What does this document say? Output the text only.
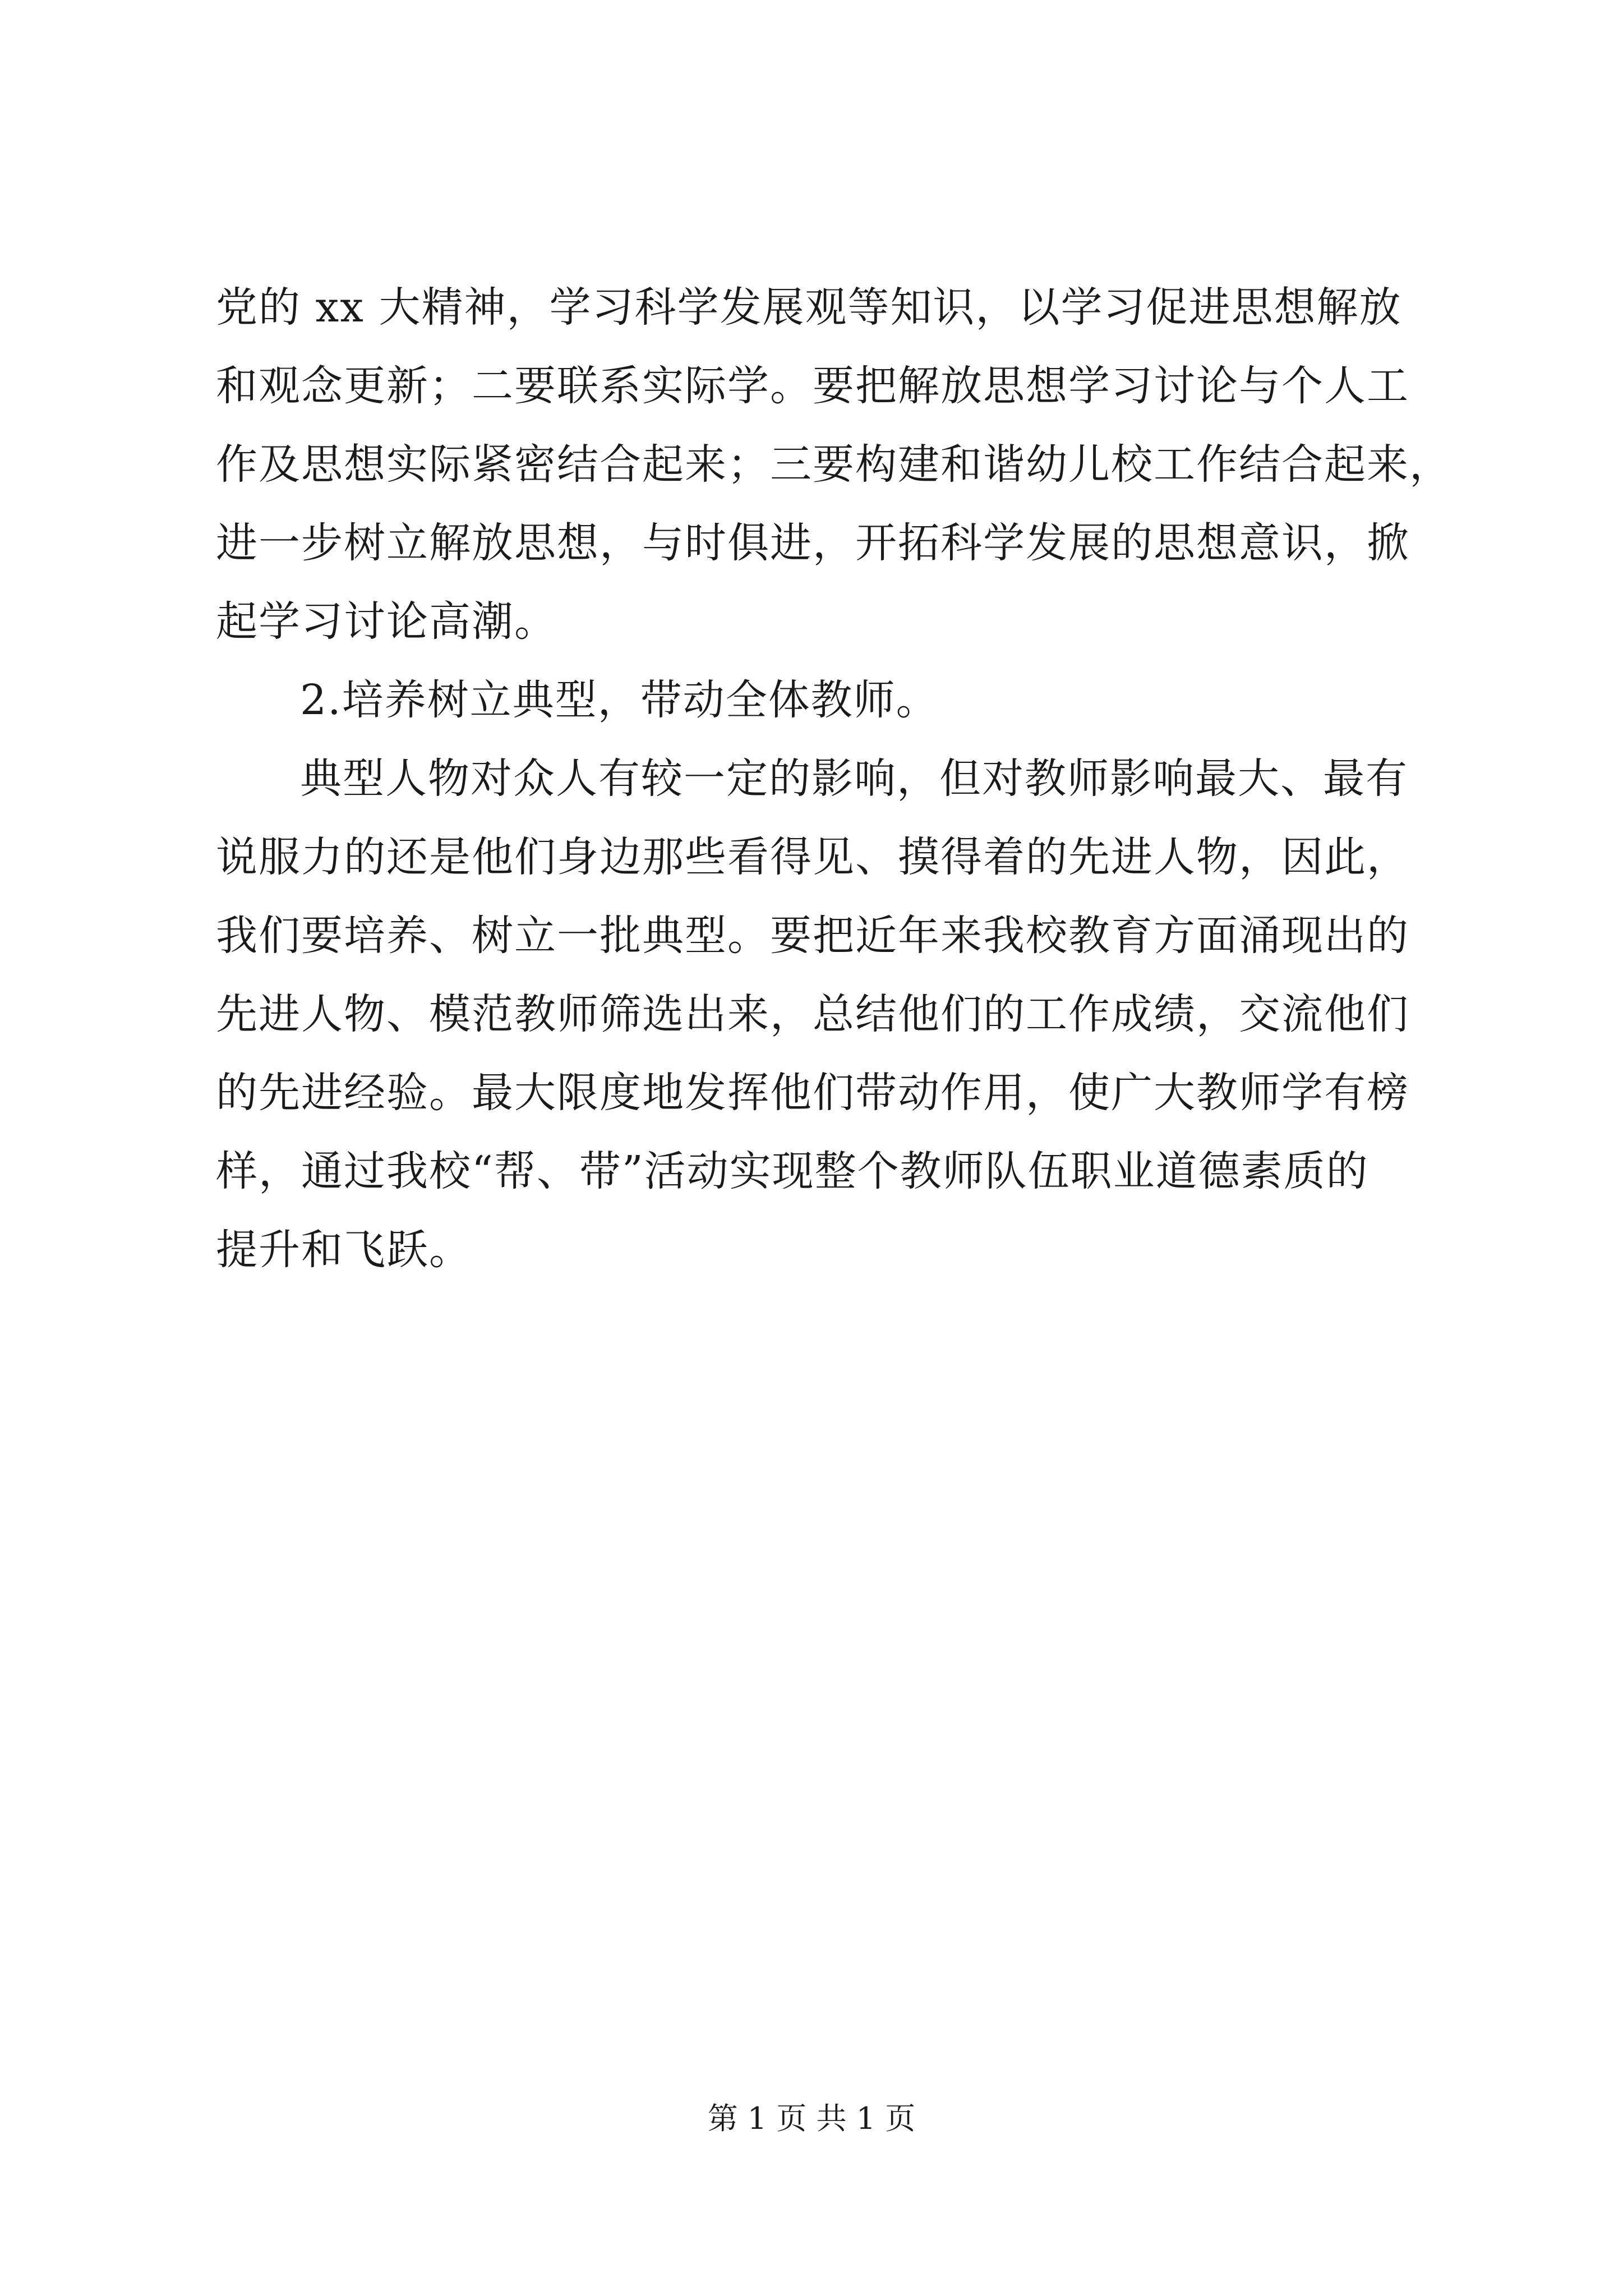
党的 xx 大精神，学习科学发展观等知识，以学习促进思想解放
和观念更新；二要联系实际学。要把解放思想学习讨论与个人工
作及思想实际紧密结合起来；三要构建和谐幼儿校工作结合起来，
进一步树立解放思想，与时俱进，开拓科学发展的思想意识，掀
起学习讨论高潮。
2.培养树立典型，带动全体教师。
典型人物对众人有较一定的影响，但对教师影响最大、最有
说服力的还是他们身边那些看得见、摸得着的先进人物，因此，
我们要培养、树立一批典型。要把近年来我校教育方面涌现出的
先进人物、模范教师筛选出来，总结他们的工作成绩，交流他们
的先进经验。最大限度地发挥他们带动作用，使广大教师学有榜
样，通过我校“帮、带”活动实现整个教师队伍职业道德素质的
提升和飞跃。
第 1 页 共 1 页
